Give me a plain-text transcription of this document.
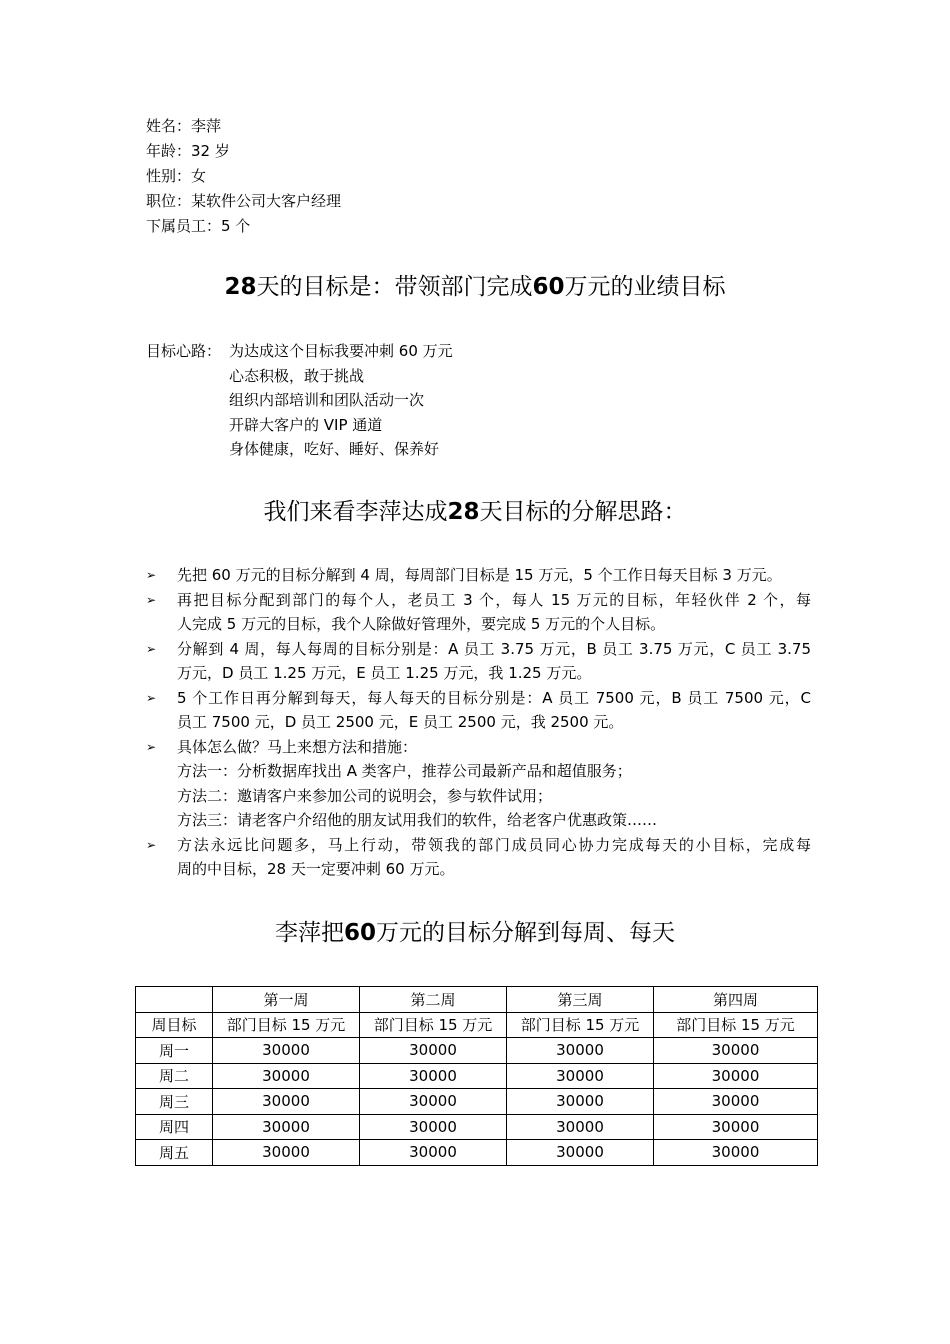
姓名：李萍
年龄：32 岁
性别：女
职位：某软件公司大客户经理
下属员工：5 个
28天的目标是：带领部门完成60万元的业绩目标
目标心路： 为达成这个目标我要冲刺 60 万元
心态积极，敢于挑战
组织内部培训和团队活动一次
开辟大客户的 VIP 通道
身体健康，吃好、睡好、保养好
我们来看李萍达成28天目标的分解思路：
➢ 先把 60 万元的目标分解到 4 周，每周部门目标是 15 万元，5 个工作日每天目标 3 万元。
➢ 再把目标分配到部门的每个人，老员工 3 个，每人 15 万元的目标，年轻伙伴 2 个，每
人完成 5 万元的目标，我个人除做好管理外，要完成 5 万元的个人目标。
➢ 分解到 4 周，每人每周的目标分别是：A 员工 3.75 万元，B 员工 3.75 万元，C 员工 3.75
万元，D 员工 1.25 万元，E 员工 1.25 万元，我 1.25 万元。
➢ 5 个工作日再分解到每天，每人每天的目标分别是：A 员工 7500 元，B 员工 7500 元，C
员工 7500 元，D 员工 2500 元，E 员工 2500 元，我 2500 元。
➢ 具体怎么做？马上来想方法和措施：
方法一：分析数据库找出 A 类客户，推荐公司最新产品和超值服务；
方法二：邀请客户来参加公司的说明会，参与软件试用；
方法三：请老客户介绍他的朋友试用我们的软件，给老客户优惠政策……
➢ 方法永远比问题多，马上行动，带领我的部门成员同心协力完成每天的小目标，完成每
周的中目标，28 天一定要冲刺 60 万元。
李萍把60万元的目标分解到每周、每天
	第一周	第二周	第三周	第四周
周目标	部门目标 15 万元	部门目标 15 万元	部门目标 15 万元	部门目标 15 万元
周一	30000	30000	30000	30000
周二	30000	30000	30000	30000
周三	30000	30000	30000	30000
周四	30000	30000	30000	30000
周五	30000	30000	30000	30000
